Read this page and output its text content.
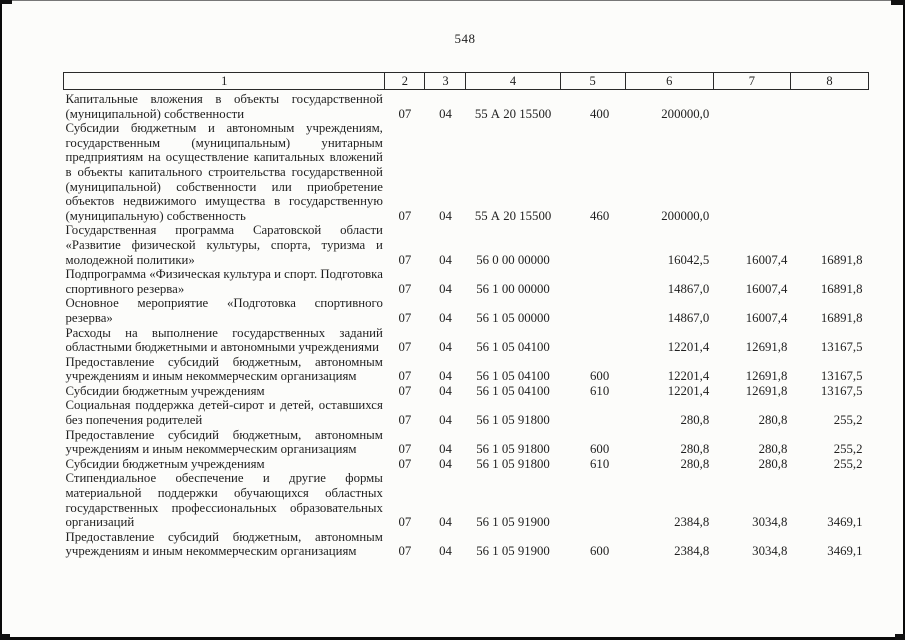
548
1	2	3	4	5	6	7	8
Капитальные вложения в объекты государственной (муниципальной) собственности	07	04	55 А 20 15500	400	200000,0		
Субсидии бюджетным и автономным учреждениям, государственным (муниципальным) унитарным предприятиям на осуществление капитальных вложений в объекты капитального строительства государственной (муниципальной) собственности или приобретение объектов недвижимого имущества в государственную (муниципальную) собственность	07	04	55 А 20 15500	460	200000,0		
Государственная программа Саратовской области «Развитие физической культуры, спорта, туризма и молодежной политики»	07	04	56 0 00 00000		16042,5	16007,4	16891,8
Подпрограмма «Физическая культура и спорт. Подготовка спортивного резерва»	07	04	56 1 00 00000		14867,0	16007,4	16891,8
Основное мероприятие «Подготовка спортивного резерва»	07	04	56 1 05 00000		14867,0	16007,4	16891,8
Расходы на выполнение государственных заданий областными бюджетными и автономными учреждениями	07	04	56 1 05 04100		12201,4	12691,8	13167,5
Предоставление субсидий бюджетным, автономным учреждениям и иным некоммерческим организациям	07	04	56 1 05 04100	600	12201,4	12691,8	13167,5
Субсидии бюджетным учреждениям	07	04	56 1 05 04100	610	12201,4	12691,8	13167,5
Социальная поддержка детей-сирот и детей, оставшихся без попечения родителей	07	04	56 1 05 91800		280,8	280,8	255,2
Предоставление субсидий бюджетным, автономным учреждениям и иным некоммерческим организациям	07	04	56 1 05 91800	600	280,8	280,8	255,2
Субсидии бюджетным учреждениям	07	04	56 1 05 91800	610	280,8	280,8	255,2
Стипендиальное обеспечение и другие формы материальной поддержки обучающихся областных государственных профессиональных образовательных организаций	07	04	56 1 05 91900		2384,8	3034,8	3469,1
Предоставление субсидий бюджетным, автономным учреждениям и иным некоммерческим организациям	07	04	56 1 05 91900	600	2384,8	3034,8	3469,1
